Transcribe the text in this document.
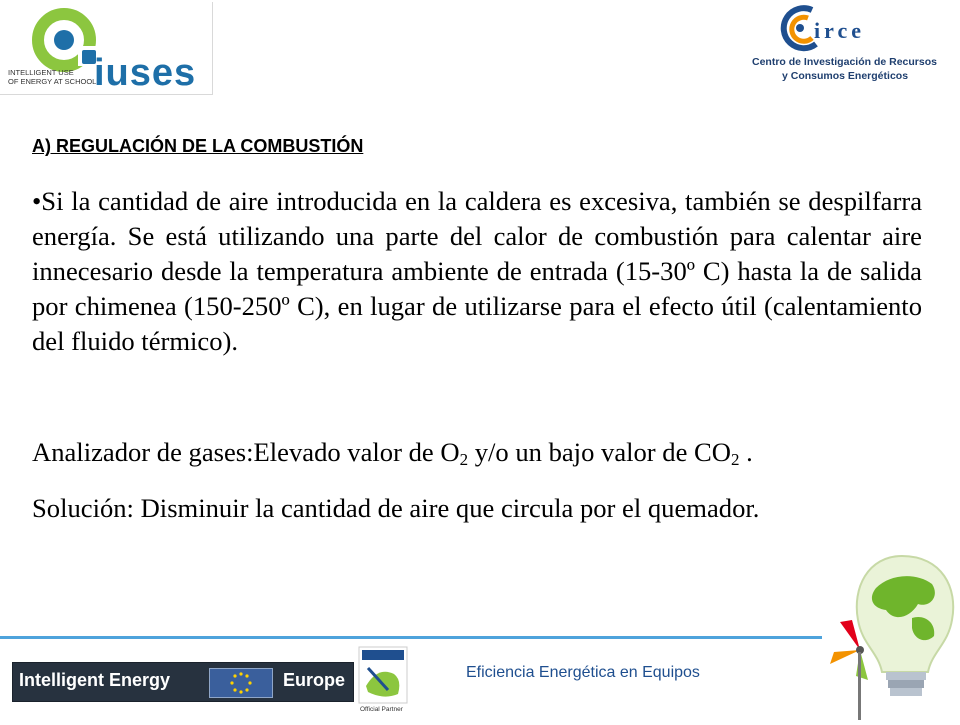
INTELLIGENT USE
OF ENERGY AT SCHOOL
iuses
irce
Centro de Investigación de Recursos
y Consumos Energéticos
A) REGULACIÓN DE LA COMBUSTIÓN
•Si la cantidad de aire introducida en la caldera es excesiva, también se despilfarra energía. Se está utilizando una parte del calor de combustión para calentar aire innecesario desde la temperatura ambiente de entrada (15-30º C) hasta la de salida por chimenea (150-250º C), en lugar de utilizarse para el efecto útil (calentamiento del fluido térmico).
Analizador de gases:Elevado valor de $O_2$ y/o un bajo valor de $CO_2$ .
Solución: Disminuir la cantidad de aire que circula por el quemador.
Intelligent Energy	Europe
Official Partner
Eficiencia Energética en Equipos
